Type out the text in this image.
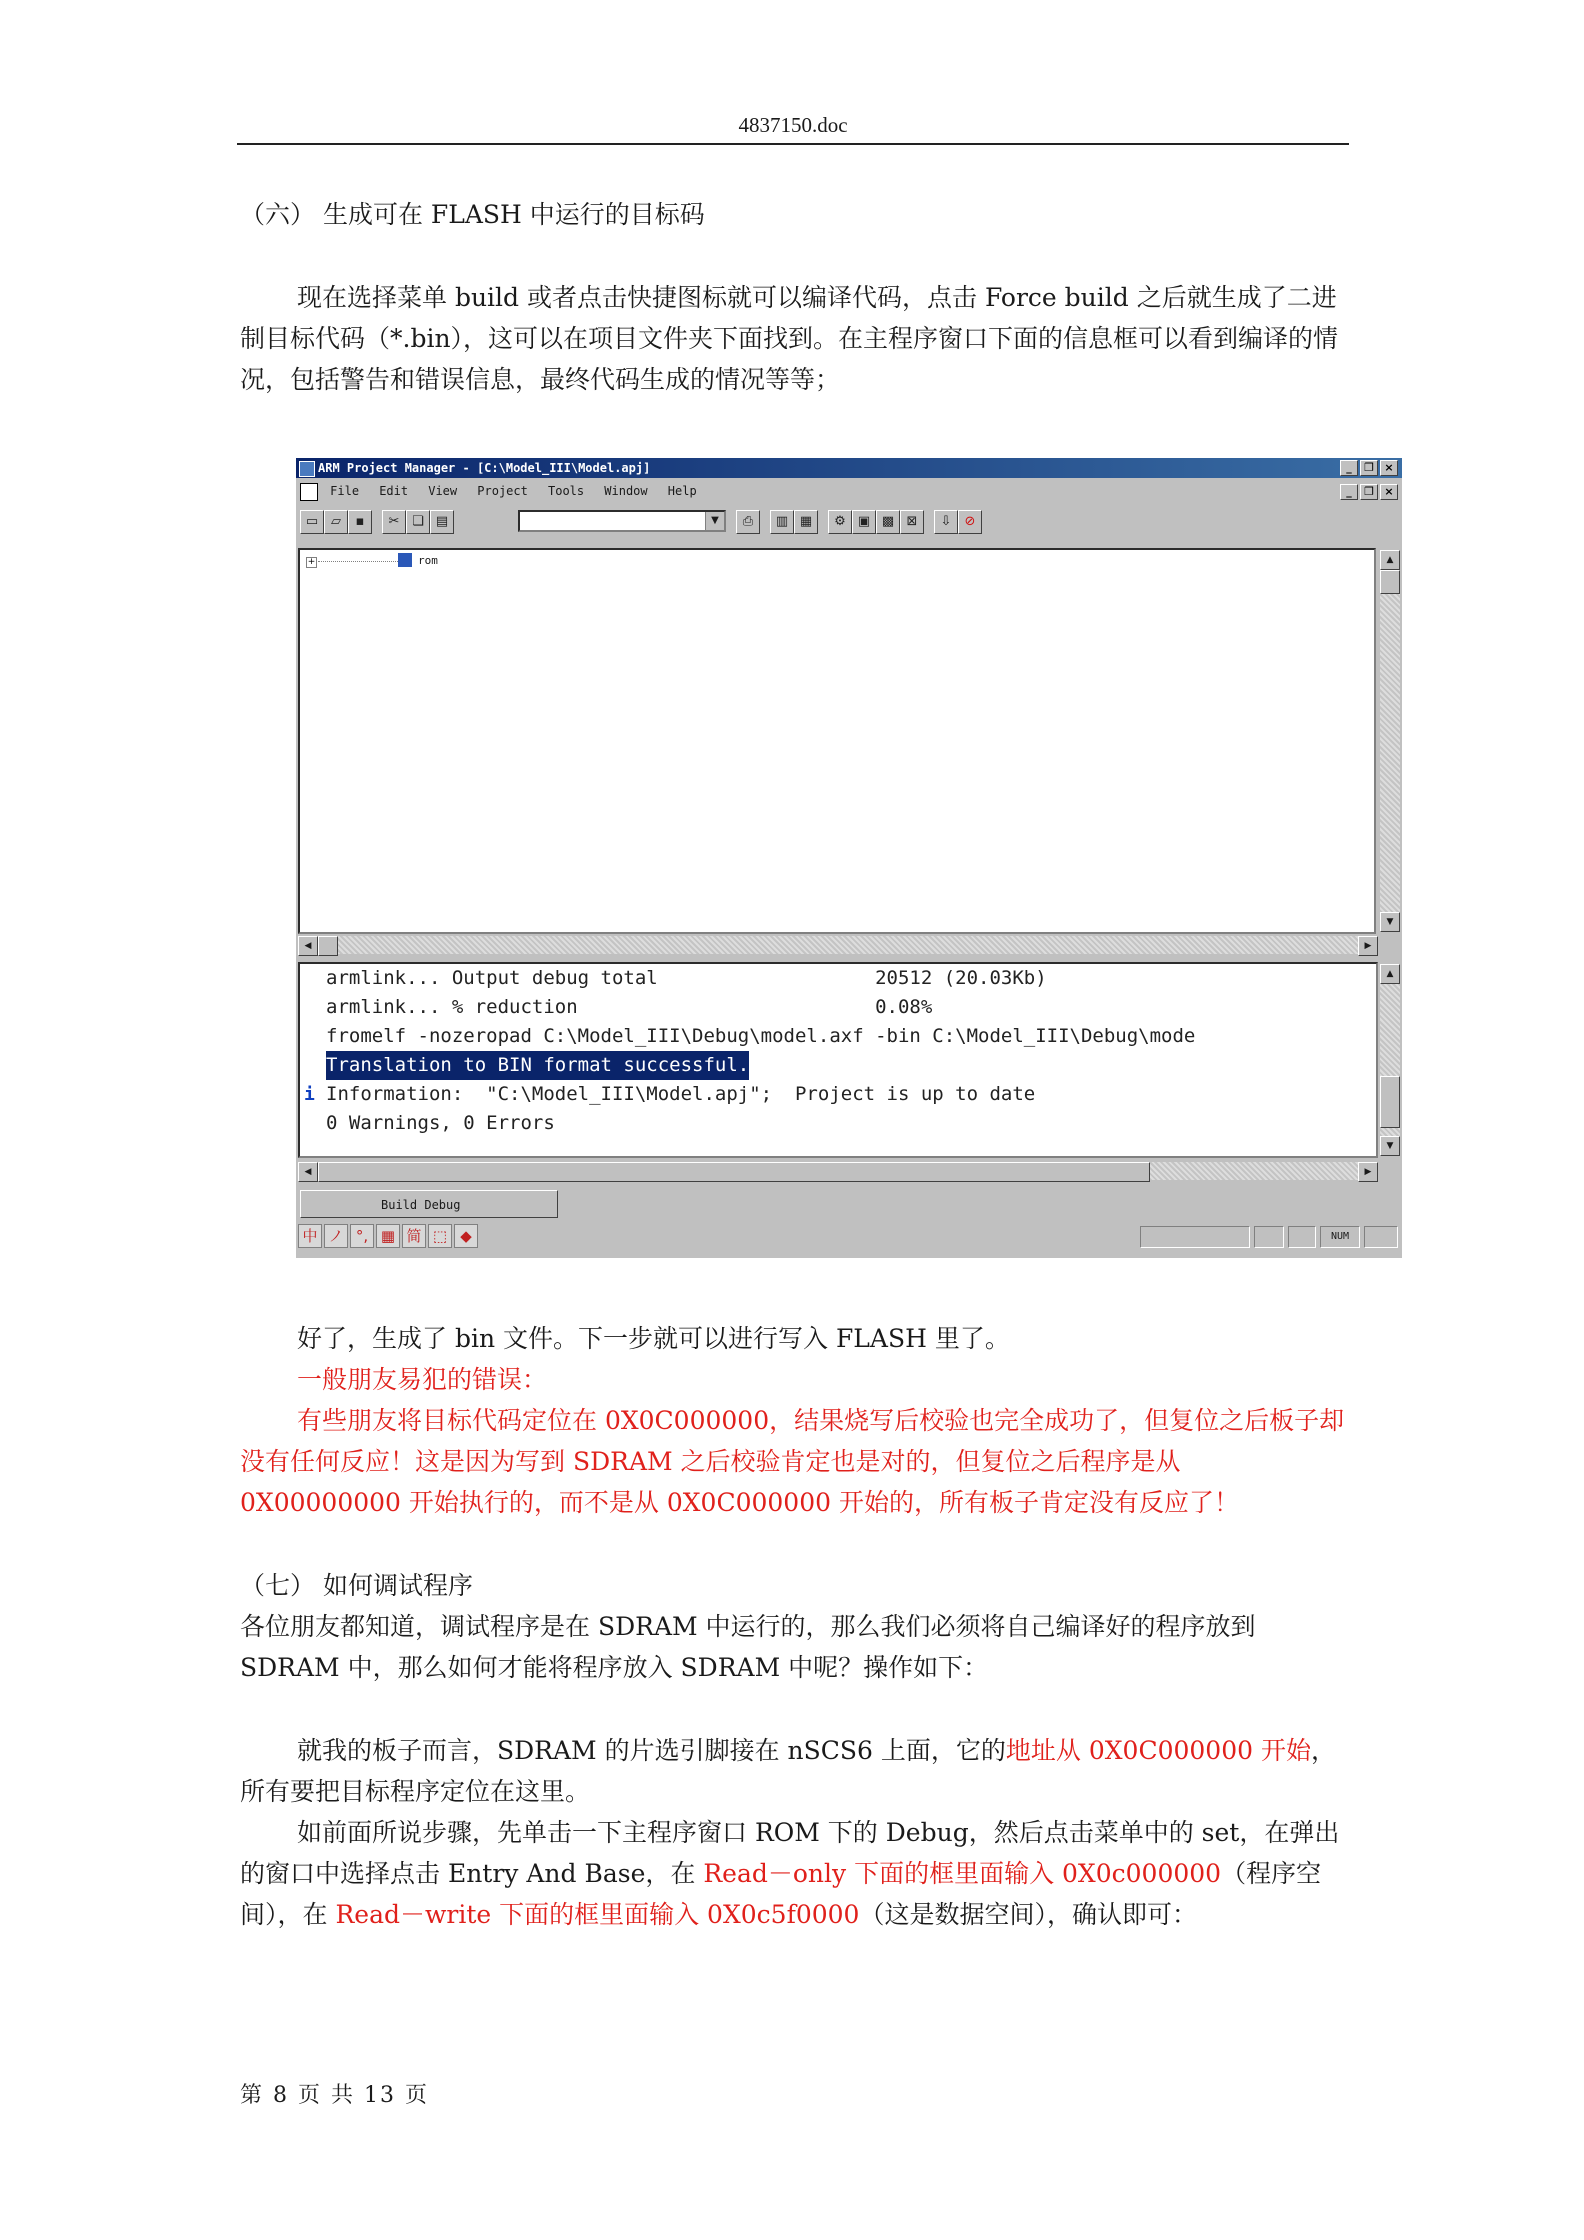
4837150.doc

（六） 生成可在 FLASH 中运行的目标码

现在选择菜单 build 或者点击快捷图标就可以编译代码，点击 Force build 之后就生成了二进制目标代码（*.bin），这可以在项目文件夹下面找到。在主程序窗口下面的信息框可以看到编译的情况，包括警告和错误信息，最终代码生成的情况等等；

ARM Project Manager - [C:\Model_III\Model.apj]	_	❐ ×
File Edit View Project Tools Window Help	_	❐ ×
▭ ▱	▪	✂ ❏ ▤	▼	⎙	▥ ▦	⚙ ▣ ▩ ⊠	⇩	⊘
+	rom	▲
▼
◀	▶
armlink... Output debug total                   20512 (20.03Kb)
armlink... % reduction                          0.08%
fromelf -nozeropad C:\Model_III\Debug\model.axf -bin C:\Model_III\Debug\mode
Translation to BIN format successful.
i Information:  "C:\Model_III\Model.apj";  Project is up to date
0 Warnings, 0 Errors
▲
▼
◀	▶
Build Debug
中 ノ °, ▦ 简 ⬚ ◆	NUM

好了，生成了 bin 文件。下一步就可以进行写入 FLASH 里了。

一般朋友易犯的错误：

有些朋友将目标代码定位在 0X0C000000，结果烧写后校验也完全成功了，但复位之后板子却没有任何反应！这是因为写到 SDRAM 之后校验肯定也是对的，但复位之后程序是从 0X00000000 开始执行的，而不是从 0X0C000000 开始的，所有板子肯定没有反应了！

（七） 如何调试程序

各位朋友都知道，调试程序是在 SDRAM 中运行的，那么我们必须将自己编译好的程序放到 SDRAM 中，那么如何才能将程序放入 SDRAM 中呢？操作如下：

就我的板子而言，SDRAM 的片选引脚接在 nSCS6 上面，它的地址从 0X0C000000 开始，所有要把目标程序定位在这里。

如前面所说步骤，先单击一下主程序窗口 ROM 下的 Debug，然后点击菜单中的 set，在弹出的窗口中选择点击 Entry And Base，在 Read－only 下面的框里面输入 0X0c000000（程序空间），在 Read－write 下面的框里面输入 0X0c5f0000（这是数据空间），确认即可：

第 8 页 共 13 页
